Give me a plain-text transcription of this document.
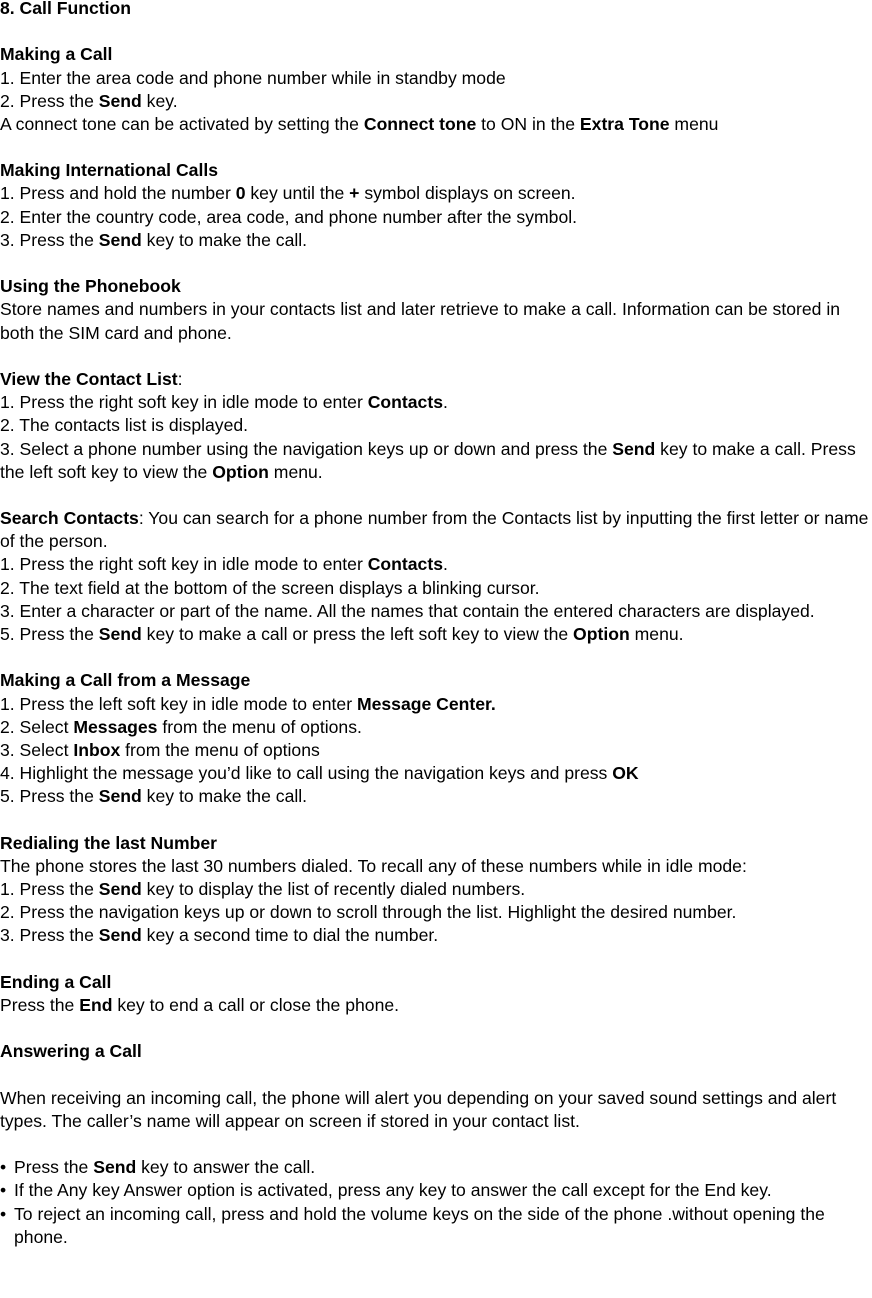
8. Call Function
Making a Call
1. Enter the area code and phone number while in standby mode
2. Press the Send key.
A connect tone can be activated by setting the Connect tone to ON in the Extra Tone menu
Making International Calls
1. Press and hold the number 0 key until the + symbol displays on screen.
2. Enter the country code, area code, and phone number after the symbol.
3. Press the Send key to make the call.
Using the Phonebook
Store names and numbers in your contacts list and later retrieve to make a call. Information can be stored in both the SIM card and phone.
View the Contact List:
1. Press the right soft key in idle mode to enter Contacts.
2. The contacts list is displayed.
3. Select a phone number using the navigation keys up or down and press the Send key to make a call. Press the left soft key to view the Option menu.
Search Contacts: You can search for a phone number from the Contacts list by inputting the first letter or name of the person.
1. Press the right soft key in idle mode to enter Contacts.
2. The text field at the bottom of the screen displays a blinking cursor.
3. Enter a character or part of the name. All the names that contain the entered characters are displayed.
5. Press the Send key to make a call or press the left soft key to view the Option menu.
Making a Call from a Message
1. Press the left soft key in idle mode to enter Message Center.
2. Select Messages from the menu of options.
3. Select Inbox from the menu of options
4. Highlight the message you’d like to call using the navigation keys and press OK
5. Press the Send key to make the call.
Redialing the last Number
The phone stores the last 30 numbers dialed. To recall any of these numbers while in idle mode:
1. Press the Send key to display the list of recently dialed numbers.
2. Press the navigation keys up or down to scroll through the list. Highlight the desired number.
3. Press the Send key a second time to dial the number.
Ending a Call
Press the End key to end a call or close the phone.
Answering a Call
When receiving an incoming call, the phone will alert you depending on your saved sound settings and alert types. The caller’s name will appear on screen if stored in your contact list.
• Press the Send key to answer the call.
• If the Any key Answer option is activated, press any key to answer the call except for the End key.
• To reject an incoming call, press and hold the volume keys on the side of the phone .without opening the phone.
